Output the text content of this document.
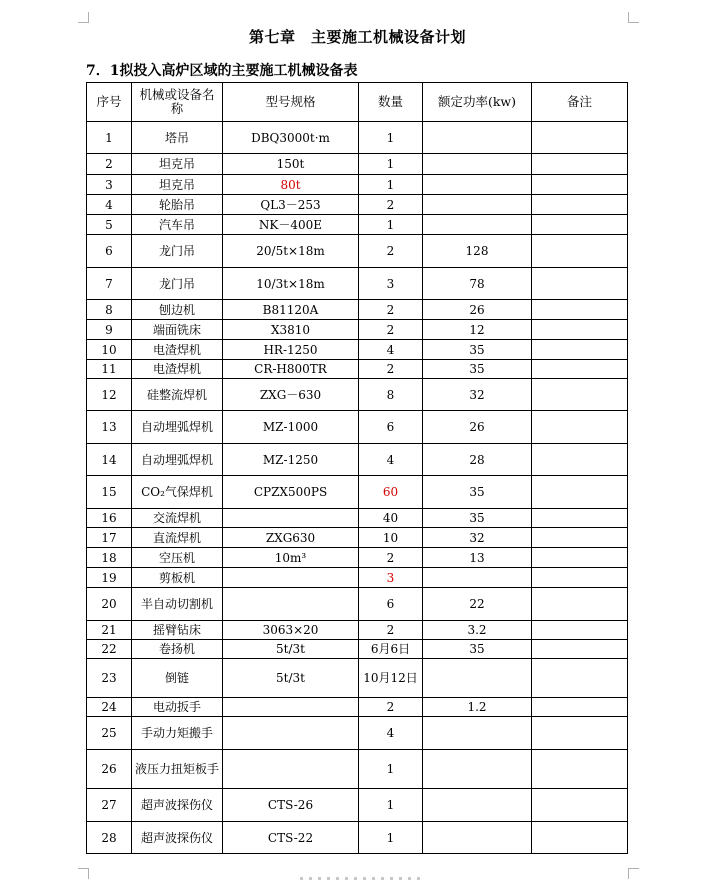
第七章　主要施工机械设备计划
7．1拟投入高炉区域的主要施工机械设备表
序号	机械或设备名称	型号规格	数量	额定功率(kw)	备注
1	塔吊	DBQ3000t·m	1		
2	坦克吊	150t	1		
3	坦克吊	80t	1		
4	轮胎吊	QL3－253	2		
5	汽车吊	NK－400E	1		
6	龙门吊	20/5t×18m	2	128	
7	龙门吊	10/3t×18m	3	78	
8	刨边机	B81120A	2	26	
9	端面铣床	X3810	2	12	
10	电渣焊机	HR-1250	4	35	
11	电渣焊机	CR-H800TR	2	35	
12	硅整流焊机	ZXG－630	8	32	
13	自动埋弧焊机	MZ-1000	6	26	
14	自动埋弧焊机	MZ-1250	4	28	
15	CO₂气保焊机	CPZX500PS	60	35	
16	交流焊机		40	35	
17	直流焊机	ZXG630	10	32	
18	空压机	10m³	2	13	
19	剪板机		3		
20	半自动切割机		6	22	
21	摇臂钻床	3063×20	2	3.2	
22	卷扬机	5t/3t	6月6日	35	
23	倒链	5t/3t	10月12日		
24	电动扳手		2	1.2	
25	手动力矩搬手		4		
26	液压力扭矩板手		1		
27	超声波探伤仪	CTS-26	1		
28	超声波探伤仪	CTS-22	1		
